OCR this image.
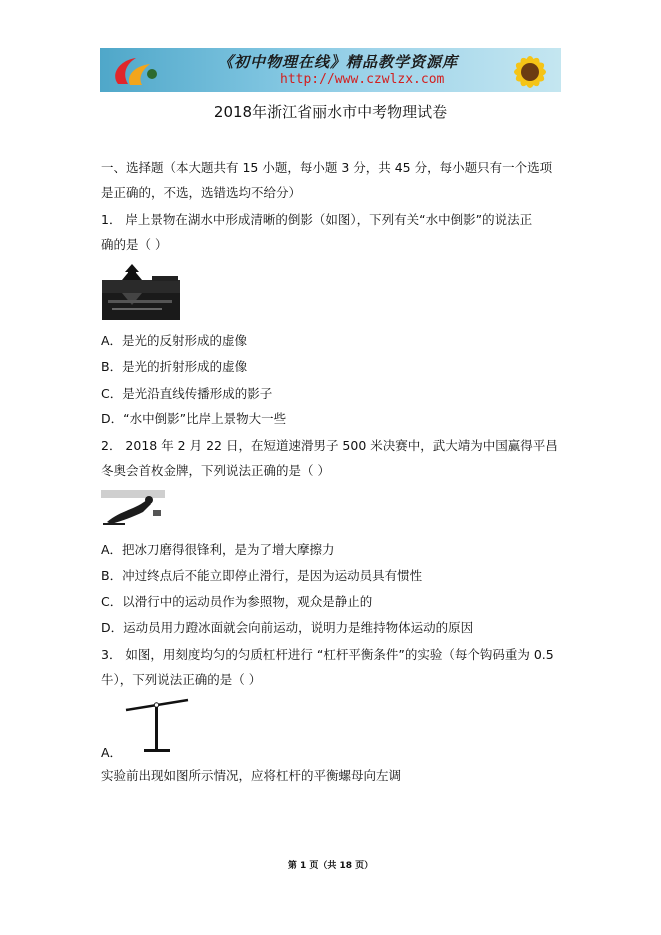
《初中物理在线》精品教学资源库
http://www.czwlzx.com
2018年浙江省丽水市中考物理试卷
一、选择题（本大题共有 15 小题，每小题 3 分，共 45 分，每小题只有一个选项
是正确的，不选，选错选均不给分）
1． 岸上景物在湖水中形成清晰的倒影（如图），下列有关“水中倒影”的说法正
确的是（ ）
A．是光的反射形成的虚像
B．是光的折射形成的虚像
C．是光沿直线传播形成的影子
D．“水中倒影”比岸上景物大一些
2． 2018 年 2 月 22 日，在短道速滑男子 500 米决赛中，武大靖为中国赢得平昌
冬奥会首枚金牌，下列说法正确的是（ ）
A．把冰刀磨得很锋利，是为了增大摩擦力
B．冲过终点后不能立即停止滑行，是因为运动员具有惯性
C．以滑行中的运动员作为参照物，观众是静止的
D．运动员用力蹬冰面就会向前运动，说明力是维持物体运动的原因
3． 如图，用刻度均匀的匀质杠杆进行 “杠杆平衡条件”的实验（每个钩码重为 0.5
牛），下列说法正确的是（ ）
A．
实验前出现如图所示情况，应将杠杆的平衡螺母向左调
第 1 页（共 18 页）
